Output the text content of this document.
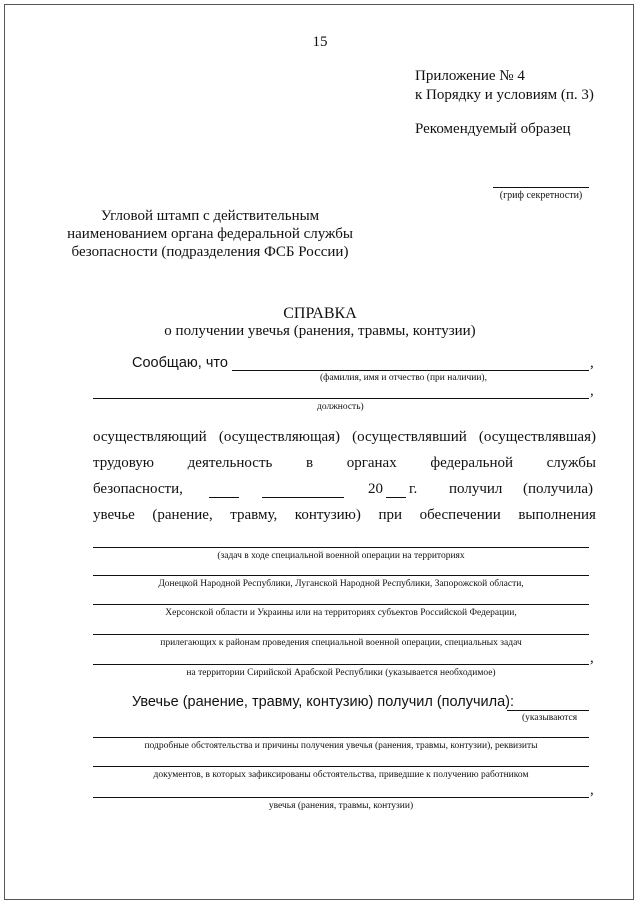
15
Приложение № 4
к Порядку и условиям (п. 3)
Рекомендуемый образец
(гриф секретности)
Угловой штамп с действительным наименованием органа федеральной службы безопасности (подразделения ФСБ России)
СПРАВКА
о получении увечья (ранения, травмы, контузии)
Сообщаю, что	,
(фамилия, имя и отчество (при наличии),
,
должность)
осуществляющий (осуществляющая) (осуществлявший (осуществлявшая)
трудовую деятельность в органах федеральной службы
безопасности,	20 г. получил (получила)
увечье (ранение, травму, контузию) при обеспечении выполнения
(задач в ходе специальной военной операции на территориях
Донецкой Народной Республики, Луганской Народной Республики, Запорожской области,
Херсонской области и Украины или на территориях субъектов Российской Федерации,
прилегающих к районам проведения специальной военной операции, специальных задач
,
на территории Сирийской Арабской Республики (указывается необходимое)
Увечье (ранение, травму, контузию) получил (получила):
(указываются
подробные обстоятельства и причины получения увечья (ранения, травмы, контузии), реквизиты
документов, в которых зафиксированы обстоятельства, приведшие к получению работником
,
увечья (ранения, травмы, контузии)
